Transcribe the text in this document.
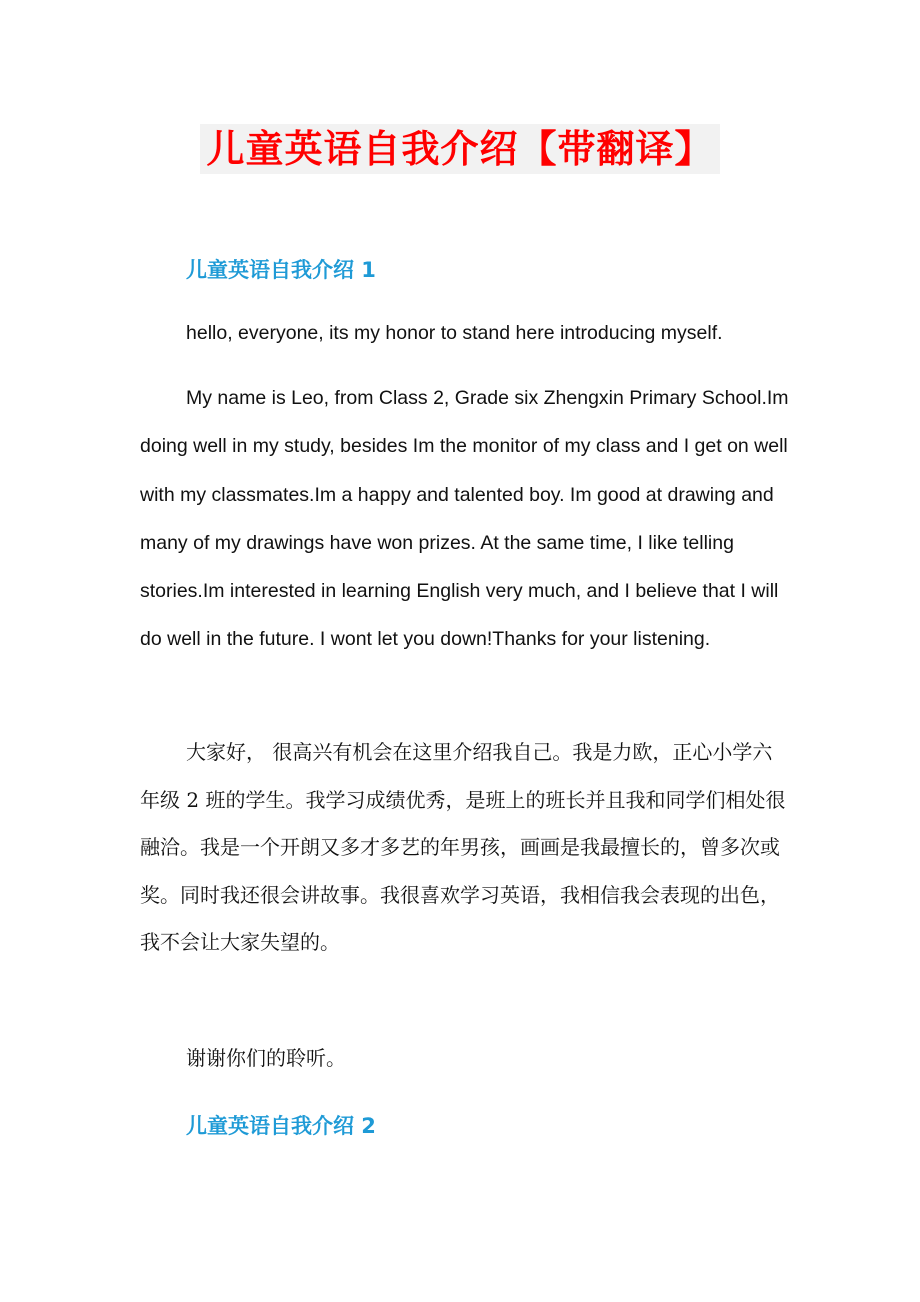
儿童英语自我介绍【带翻译】
儿童英语自我介绍 1
hello, everyone, its my honor to stand here introducing myself.
My name is Leo, from Class 2, Grade six Zhengxin Primary School.Im doing well in my study, besides Im the monitor of my class and I get on well with my classmates.Im a happy and talented boy. Im good at drawing and many of my drawings have won prizes. At the same time, I like telling stories.Im interested in learning English very much, and I believe that I will do well in the future. I wont let you down!Thanks for your listening.
大家好， 很高兴有机会在这里介绍我自己。我是力欧，正心小学六年级 2 班的学生。我学习成绩优秀，是班上的班长并且我和同学们相处很融洽。我是一个开朗又多才多艺的年男孩，画画是我最擅长的，曾多次或奖。同时我还很会讲故事。我很喜欢学习英语，我相信我会表现的出色，我不会让大家失望的。
谢谢你们的聆听。
儿童英语自我介绍 2
